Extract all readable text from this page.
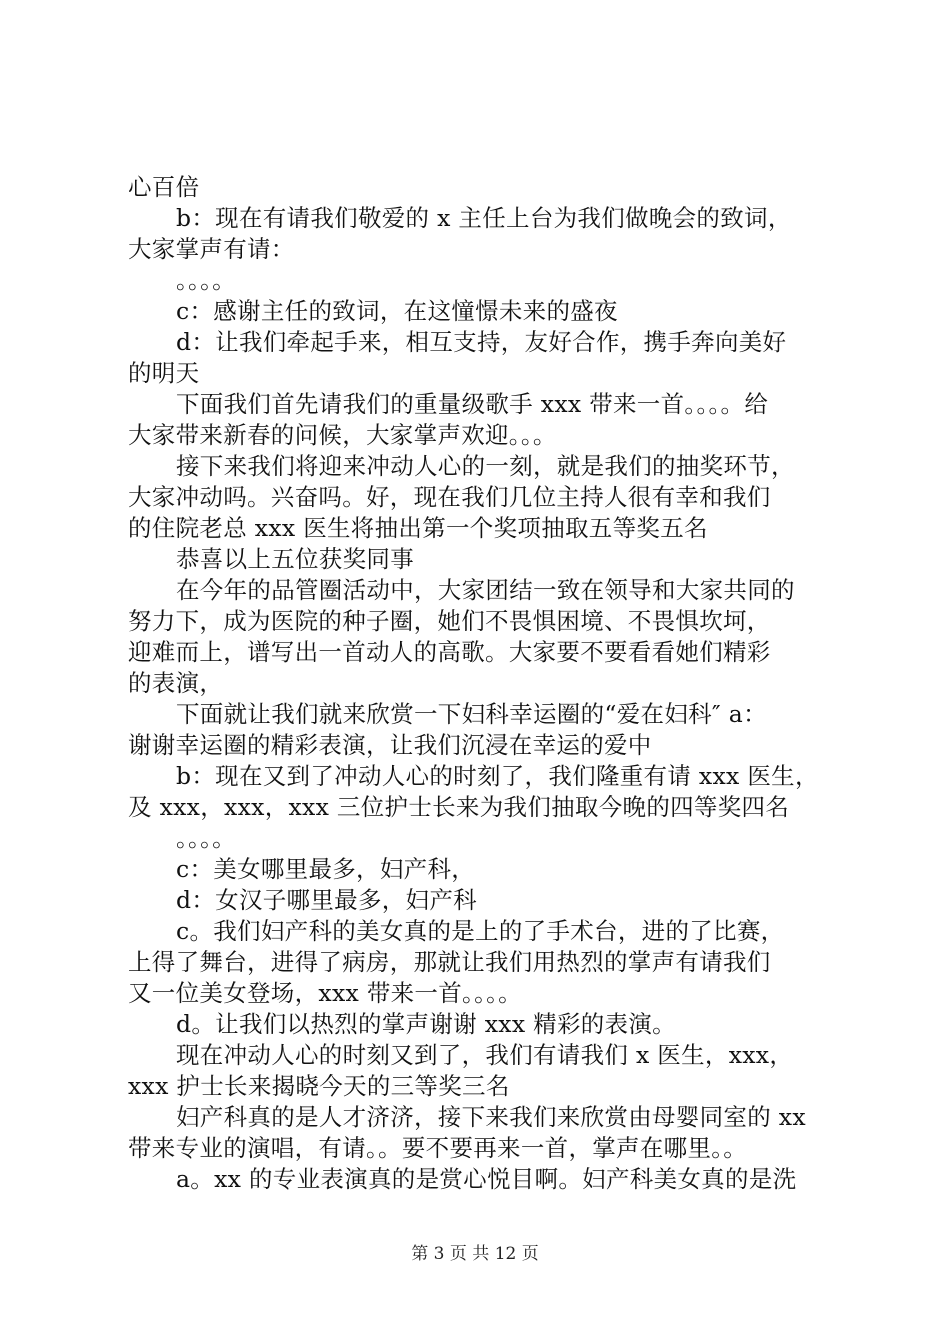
心百倍
b：现在有请我们敬爱的 x 主任上台为我们做晚会的致词，
大家掌声有请：
。。。。
c：感谢主任的致词，在这憧憬未来的盛夜
d：让我们牵起手来，相互支持，友好合作，携手奔向美好
的明天
下面我们首先请我们的重量级歌手 xxx 带来一首。。。。给
大家带来新春的问候，大家掌声欢迎。。。
接下来我们将迎来冲动人心的一刻，就是我们的抽奖环节，
大家冲动吗。兴奋吗。好，现在我们几位主持人很有幸和我们
的住院老总 xxx 医生将抽出第一个奖项抽取五等奖五名
恭喜以上五位获奖同事
在今年的品管圈活动中，大家团结一致在领导和大家共同的
努力下，成为医院的种子圈，她们不畏惧困境、不畏惧坎坷，
迎难而上，谱写出一首动人的高歌。大家要不要看看她们精彩
的表演，
下面就让我们就来欣赏一下妇科幸运圈的“爱在妇科″ a：
谢谢幸运圈的精彩表演，让我们沉浸在幸运的爱中
b：现在又到了冲动人心的时刻了，我们隆重有请 xxx 医生，
及 xxx，xxx，xxx 三位护士长来为我们抽取今晚的四等奖四名
。。。。
c：美女哪里最多，妇产科，
d：女汉子哪里最多，妇产科
c。我们妇产科的美女真的是上的了手术台，进的了比赛，
上得了舞台，进得了病房，那就让我们用热烈的掌声有请我们
又一位美女登场，xxx 带来一首。。。。
d。让我们以热烈的掌声谢谢 xxx 精彩的表演。
现在冲动人心的时刻又到了，我们有请我们 x 医生，xxx，
xxx 护士长来揭晓今天的三等奖三名
妇产科真的是人才济济，接下来我们来欣赏由母婴同室的 xx
带来专业的演唱，有请。。要不要再来一首，掌声在哪里。。
a。xx 的专业表演真的是赏心悦目啊。妇产科美女真的是洗
第 3 页 共 12 页
